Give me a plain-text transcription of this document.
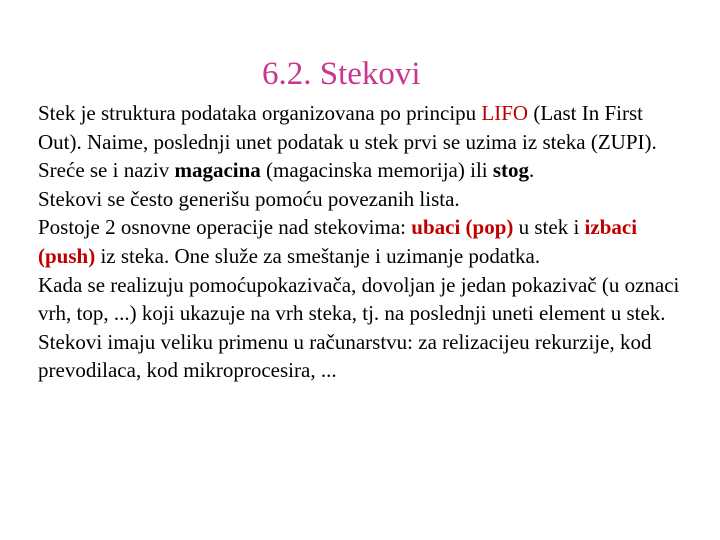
6.2. Stekovi

Stek je struktura podataka organizovana po principu LIFO (Last In First Out). Naime, poslednji unet podatak u stek prvi se uzima iz steka (ZUPI).

Sreće se i naziv magacina (magacinska memorija) ili stog.

Stekovi se često generišu pomoću povezanih lista.

Postoje 2 osnovne operacije nad stekovima: ubaci (pop) u stek i izbaci (push) iz steka. One služe za smeštanje i uzimanje podatka.

Kada se realizuju pomoćupokazivača, dovoljan je jedan pokazivač (u oznaci vrh, top, ...) koji ukazuje na vrh steka, tj. na poslednji uneti element u stek.

Stekovi imaju veliku primenu u računarstvu: za relizacijeu rekurzije, kod prevodilaca, kod mikroprocesira, ...
